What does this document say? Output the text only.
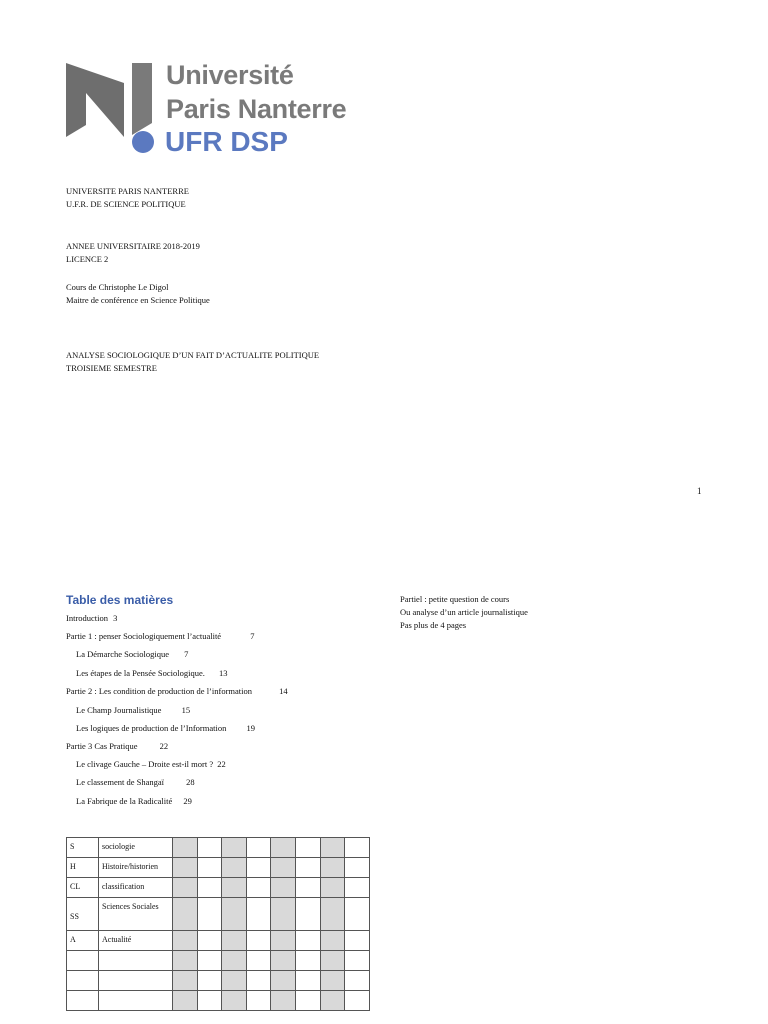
Université
Paris Nanterre
UFR DSP
UNIVERSITE PARIS NANTERRE
U.F.R. DE SCIENCE POLITIQUE
ANNEE UNIVERSITAIRE 2018-2019
LICENCE 2
Cours de Christophe Le Digol
Maitre de conférence en Science Politique
ANALYSE SOCIOLOGIQUE D’UN FAIT D’ACTUALITE POLITIQUE
TROISIEME SEMESTRE
1
Table des matières
Introduction 3
Partie 1 : penser Sociologiquement l’actualité	7
La Démarche Sociologique 7
Les étapes de la Pensée Sociologique. 13
Partie 2 : Les condition de production de l’information	14
Le Champ Journalistique 15
Les logiques de production de l’Information 19
Partie 3 Cas Pratique	22
Le clivage Gauche – Droite est-il mort ? 22
Le classement de Shangaï	28
La Fabrique de la Radicalité 29
Partiel : petite question de cours
Ou analyse d’un article journalistique
Pas plus de 4 pages
S	sociologie								
H	Histoire/historien								
CL	classification								
SS	Sciences Sociales								
A	Actualité								
